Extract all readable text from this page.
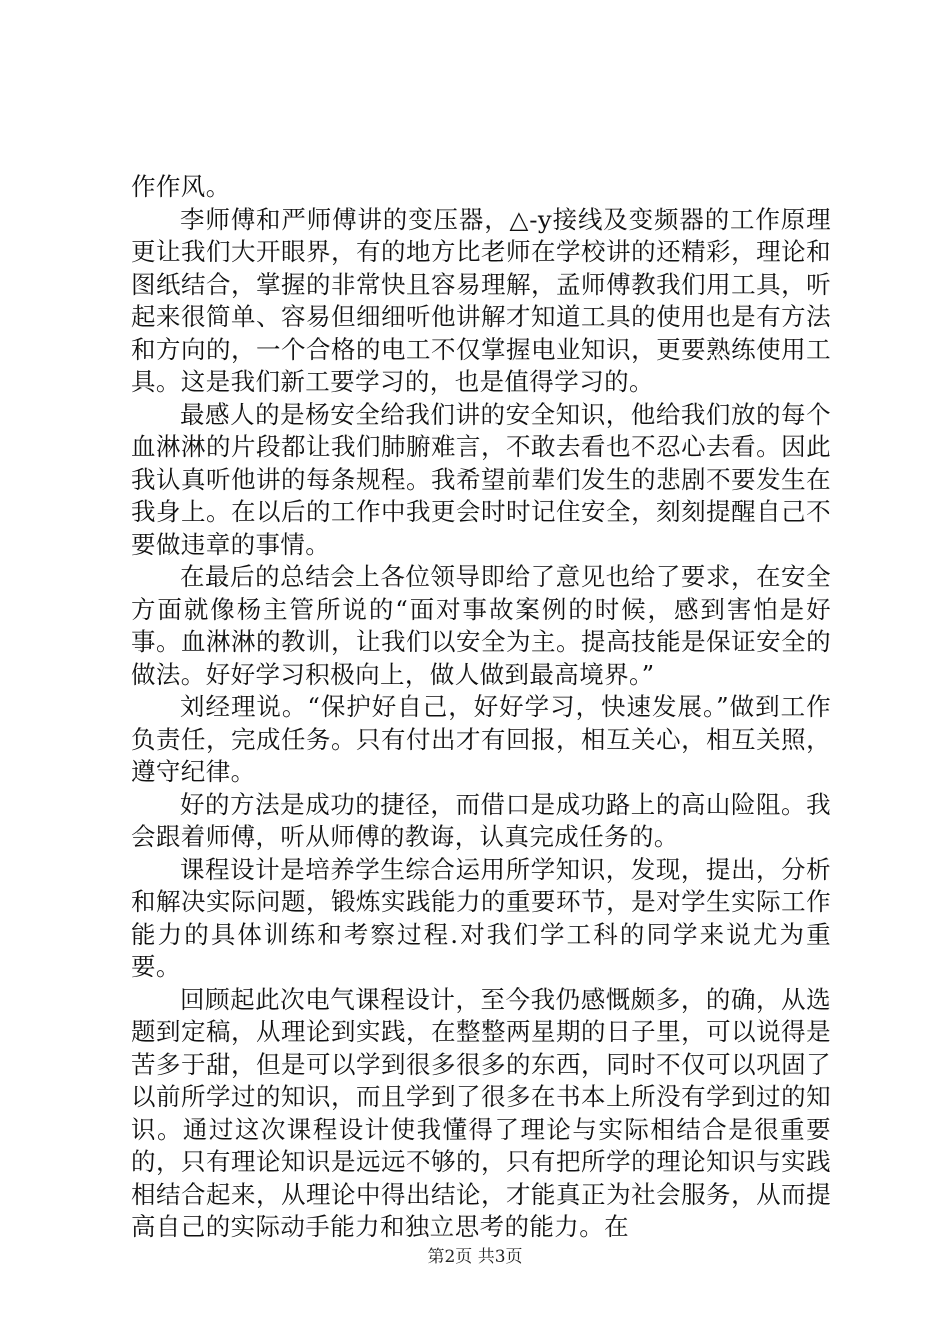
作作风。

李师傅和严师傅讲的变压器，△-y接线及变频器的工作原理更让我们大开眼界，有的地方比老师在学校讲的还精彩，理论和图纸结合，掌握的非常快且容易理解，孟师傅教我们用工具，听起来很简单、容易但细细听他讲解才知道工具的使用也是有方法和方向的，一个合格的电工不仅掌握电业知识，更要熟练使用工具。这是我们新工要学习的，也是值得学习的。

最感人的是杨安全给我们讲的安全知识，他给我们放的每个血淋淋的片段都让我们肺腑难言，不敢去看也不忍心去看。因此我认真听他讲的每条规程。我希望前辈们发生的悲剧不要发生在我身上。在以后的工作中我更会时时记住安全，刻刻提醒自己不要做违章的事情。

在最后的总结会上各位领导即给了意见也给了要求，在安全方面就像杨主管所说的“面对事故案例的时候，感到害怕是好事。血淋淋的教训，让我们以安全为主。提高技能是保证安全的做法。好好学习积极向上，做人做到最高境界。”

刘经理说。“保护好自己，好好学习，快速发展。”做到工作负责任，完成任务。只有付出才有回报，相互关心，相互关照，遵守纪律。

好的方法是成功的捷径，而借口是成功路上的高山险阻。我会跟着师傅，听从师傅的教诲，认真完成任务的。

课程设计是培养学生综合运用所学知识，发现，提出，分析和解决实际问题，锻炼实践能力的重要环节，是对学生实际工作能力的具体训练和考察过程.对我们学工科的同学来说尤为重要。

回顾起此次电气课程设计，至今我仍感慨颇多，的确，从选题到定稿，从理论到实践，在整整两星期的日子里，可以说得是苦多于甜，但是可以学到很多很多的东西，同时不仅可以巩固了以前所学过的知识，而且学到了很多在书本上所没有学到过的知识。通过这次课程设计使我懂得了理论与实际相结合是很重要的，只有理论知识是远远不够的，只有把所学的理论知识与实践相结合起来，从理论中得出结论，才能真正为社会服务，从而提高自己的实际动手能力和独立思考的能力。在

第2页 共3页
